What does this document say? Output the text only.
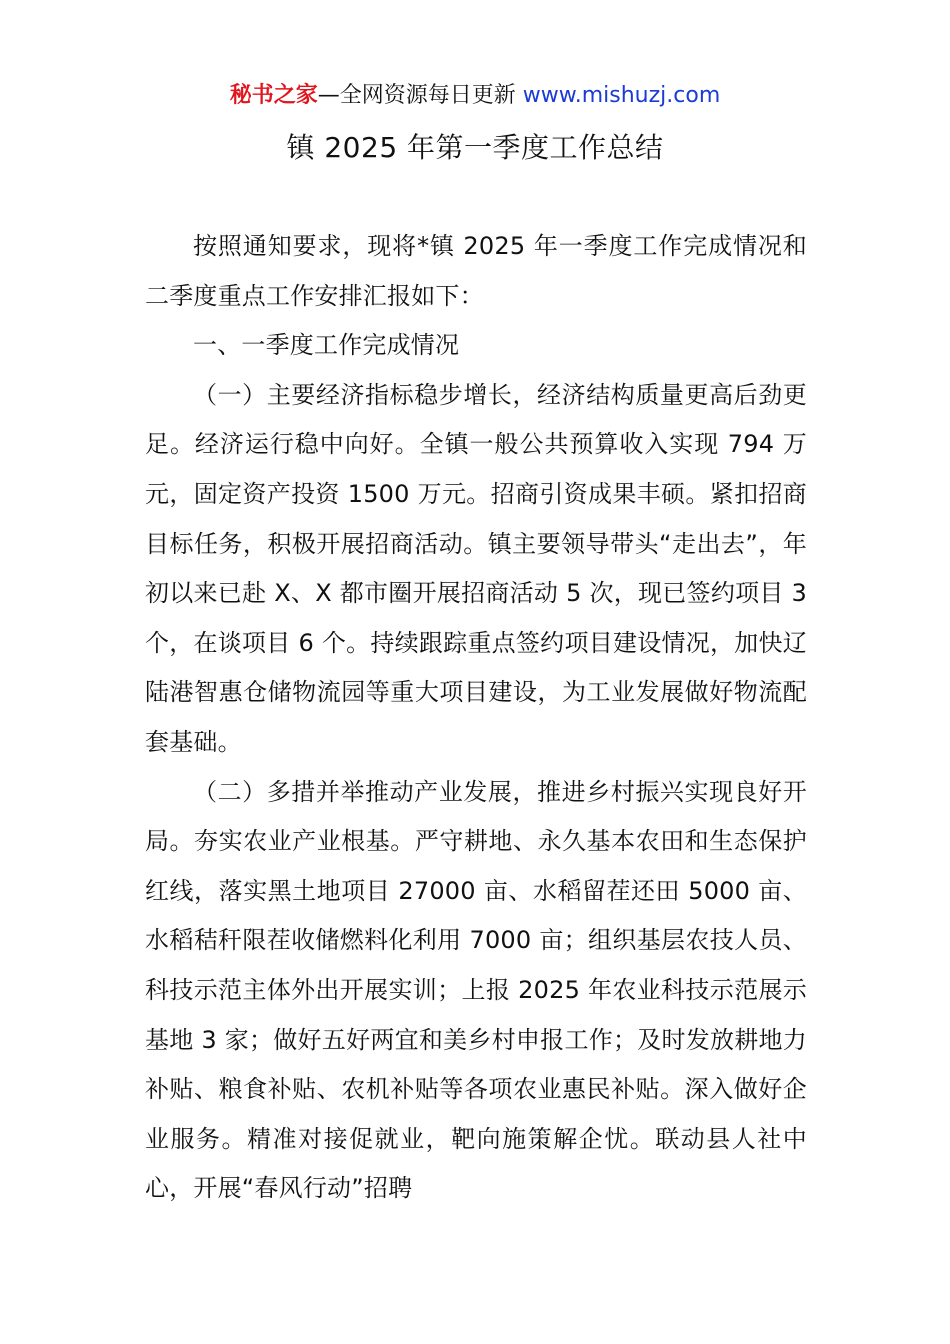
秘书之家—全网资源每日更新 www.mishuzj.com
镇 2025 年第一季度工作总结

按照通知要求，现将*镇 2025 年一季度工作完成情况和二季度重点工作安排汇报如下：

一、一季度工作完成情况

（一）主要经济指标稳步增长，经济结构质量更高后劲更足。经济运行稳中向好。全镇一般公共预算收入实现 794 万元，固定资产投资 1500 万元。招商引资成果丰硕。紧扣招商目标任务，积极开展招商活动。镇主要领导带头“走出去”，年初以来已赴 X、X 都市圈开展招商活动 5 次，现已签约项目 3 个，在谈项目 6 个。持续跟踪重点签约项目建设情况，加快辽陆港智惠仓储物流园等重大项目建设，为工业发展做好物流配套基础。

（二）多措并举推动产业发展，推进乡村振兴实现良好开局。夯实农业产业根基。严守耕地、永久基本农田和生态保护红线，落实黑土地项目 27000 亩、水稻留茬还田 5000 亩、水稻秸秆限茬收储燃料化利用 7000 亩；组织基层农技人员、科技示范主体外出开展实训；上报 2025 年农业科技示范展示基地 3 家；做好五好两宜和美乡村申报工作；及时发放耕地力补贴、粮食补贴、农机补贴等各项农业惠民补贴。深入做好企业服务。精准对接促就业，靶向施策解企忧。联动县人社中心，开展“春风行动”招聘
